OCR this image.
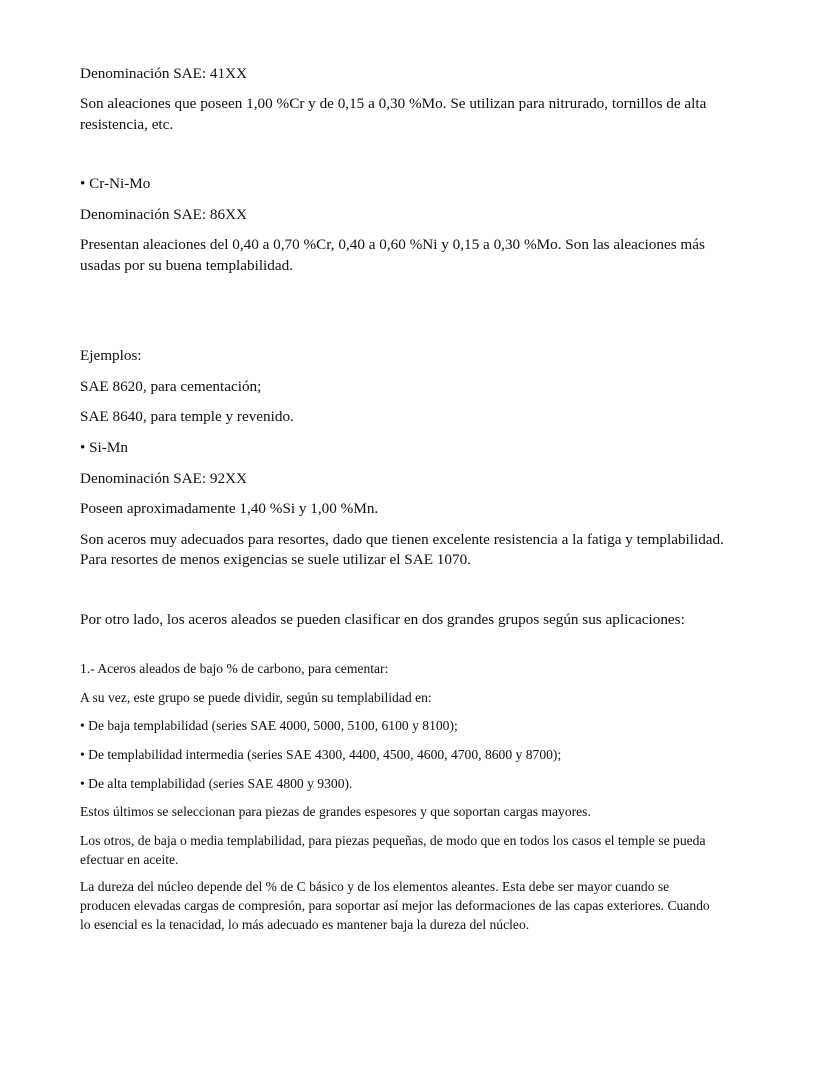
Denominación SAE: 41XX

Son aleaciones que poseen 1,00 %Cr y de 0,15 a 0,30 %Mo. Se utilizan para nitrurado, tornillos de alta

resistencia, etc.

• Cr-Ni-Mo

Denominación SAE: 86XX

Presentan aleaciones del 0,40 a 0,70 %Cr, 0,40 a 0,60 %Ni y 0,15 a 0,30 %Mo. Son las aleaciones más

usadas por su buena templabilidad.

Ejemplos:

SAE 8620, para cementación;

SAE 8640, para temple y revenido.

• Si-Mn

Denominación SAE: 92XX

Poseen aproximadamente 1,40 %Si y 1,00 %Mn.

Son aceros muy adecuados para resortes, dado que tienen excelente resistencia a la fatiga y templabilidad.

Para resortes de menos exigencias se suele utilizar el SAE 1070.

Por otro lado, los aceros aleados se pueden clasificar en dos grandes grupos según sus aplicaciones:

1.- Aceros aleados de bajo % de carbono, para cementar:

A su vez, este grupo se puede dividir, según su templabilidad en:

• De baja templabilidad (series SAE 4000, 5000, 5100, 6100 y 8100);

• De templabilidad intermedia (series SAE 4300, 4400, 4500, 4600, 4700, 8600 y 8700);

• De alta templabilidad (series SAE 4800 y 9300).

Estos últimos se seleccionan para piezas de grandes espesores y que soportan cargas mayores.

Los otros, de baja o media templabilidad, para piezas pequeñas, de modo que en todos los casos el temple se pueda

efectuar en aceite.

La dureza del núcleo depende del % de C básico y de los elementos aleantes. Esta debe ser mayor cuando se

producen elevadas cargas de compresión, para soportar así mejor las deformaciones de las capas exteriores. Cuando

lo esencial es la tenacidad, lo más adecuado es mantener baja la dureza del núcleo.
